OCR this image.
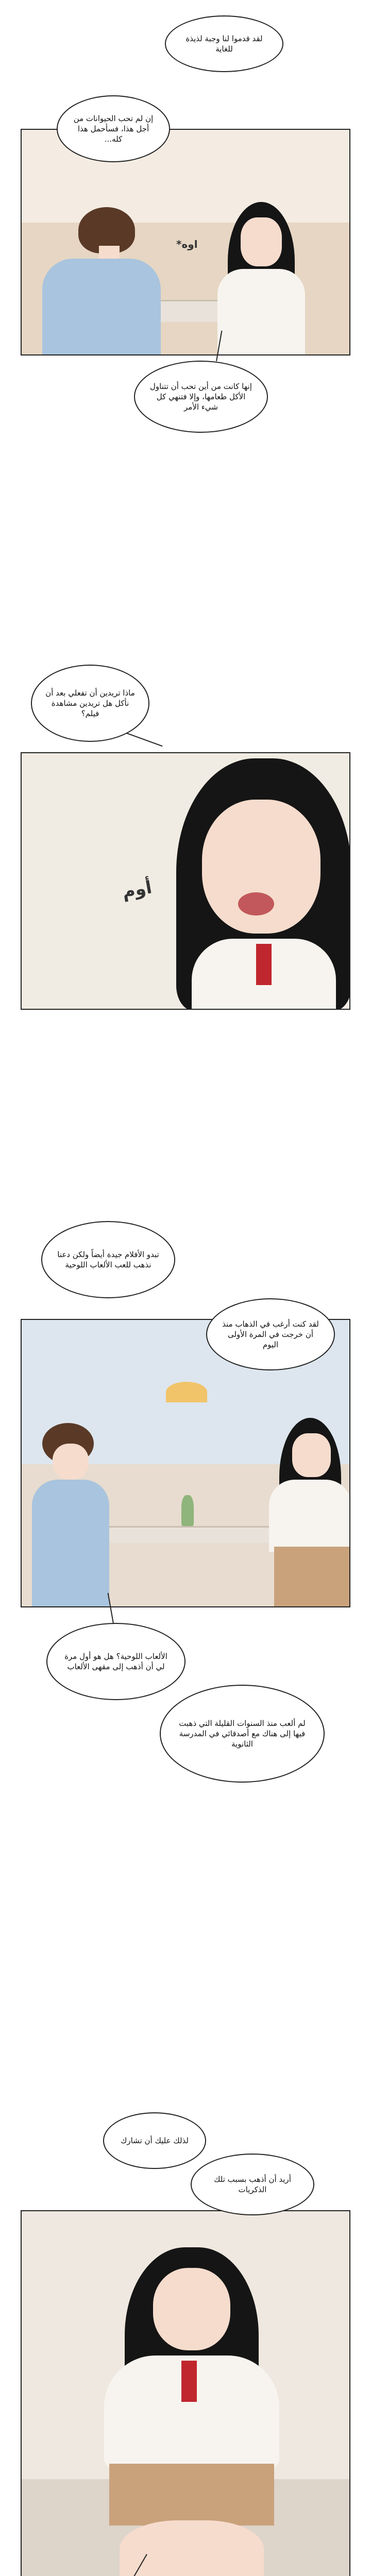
*اوه
لقد قدموا لنا وجبة لذيذة للغاية
إن لم تحب الحيوانات من أجل هذا، فسأحمل هذا كله...
إنها كانت من أين تحب أن تتناول الأكل طعامها، وإلا فتنهي كل شيء الأمر
ماذا تريدين أن تفعلي بعد أن نأكل هل تريدين مشاهدة فيلم؟
أوم
تبدو الأفلام جيدة أيضاً ولكن دعنا نذهب للعب الألعاب اللوحية
لقد كنت أرغب في الذهاب منذ أن خرجت في المرة الأولى اليوم
الألعاب اللوحية؟ هل هو أول مرة لي أن أذهب إلى مقهى الألعاب
لم ألعب منذ السنوات القليلة التي ذهبت فيها إلى هناك مع أصدقائي في المدرسة الثانوية
لذلك عليك أن تشارك
أريد أن أذهب بسبب تلك الذكريات
